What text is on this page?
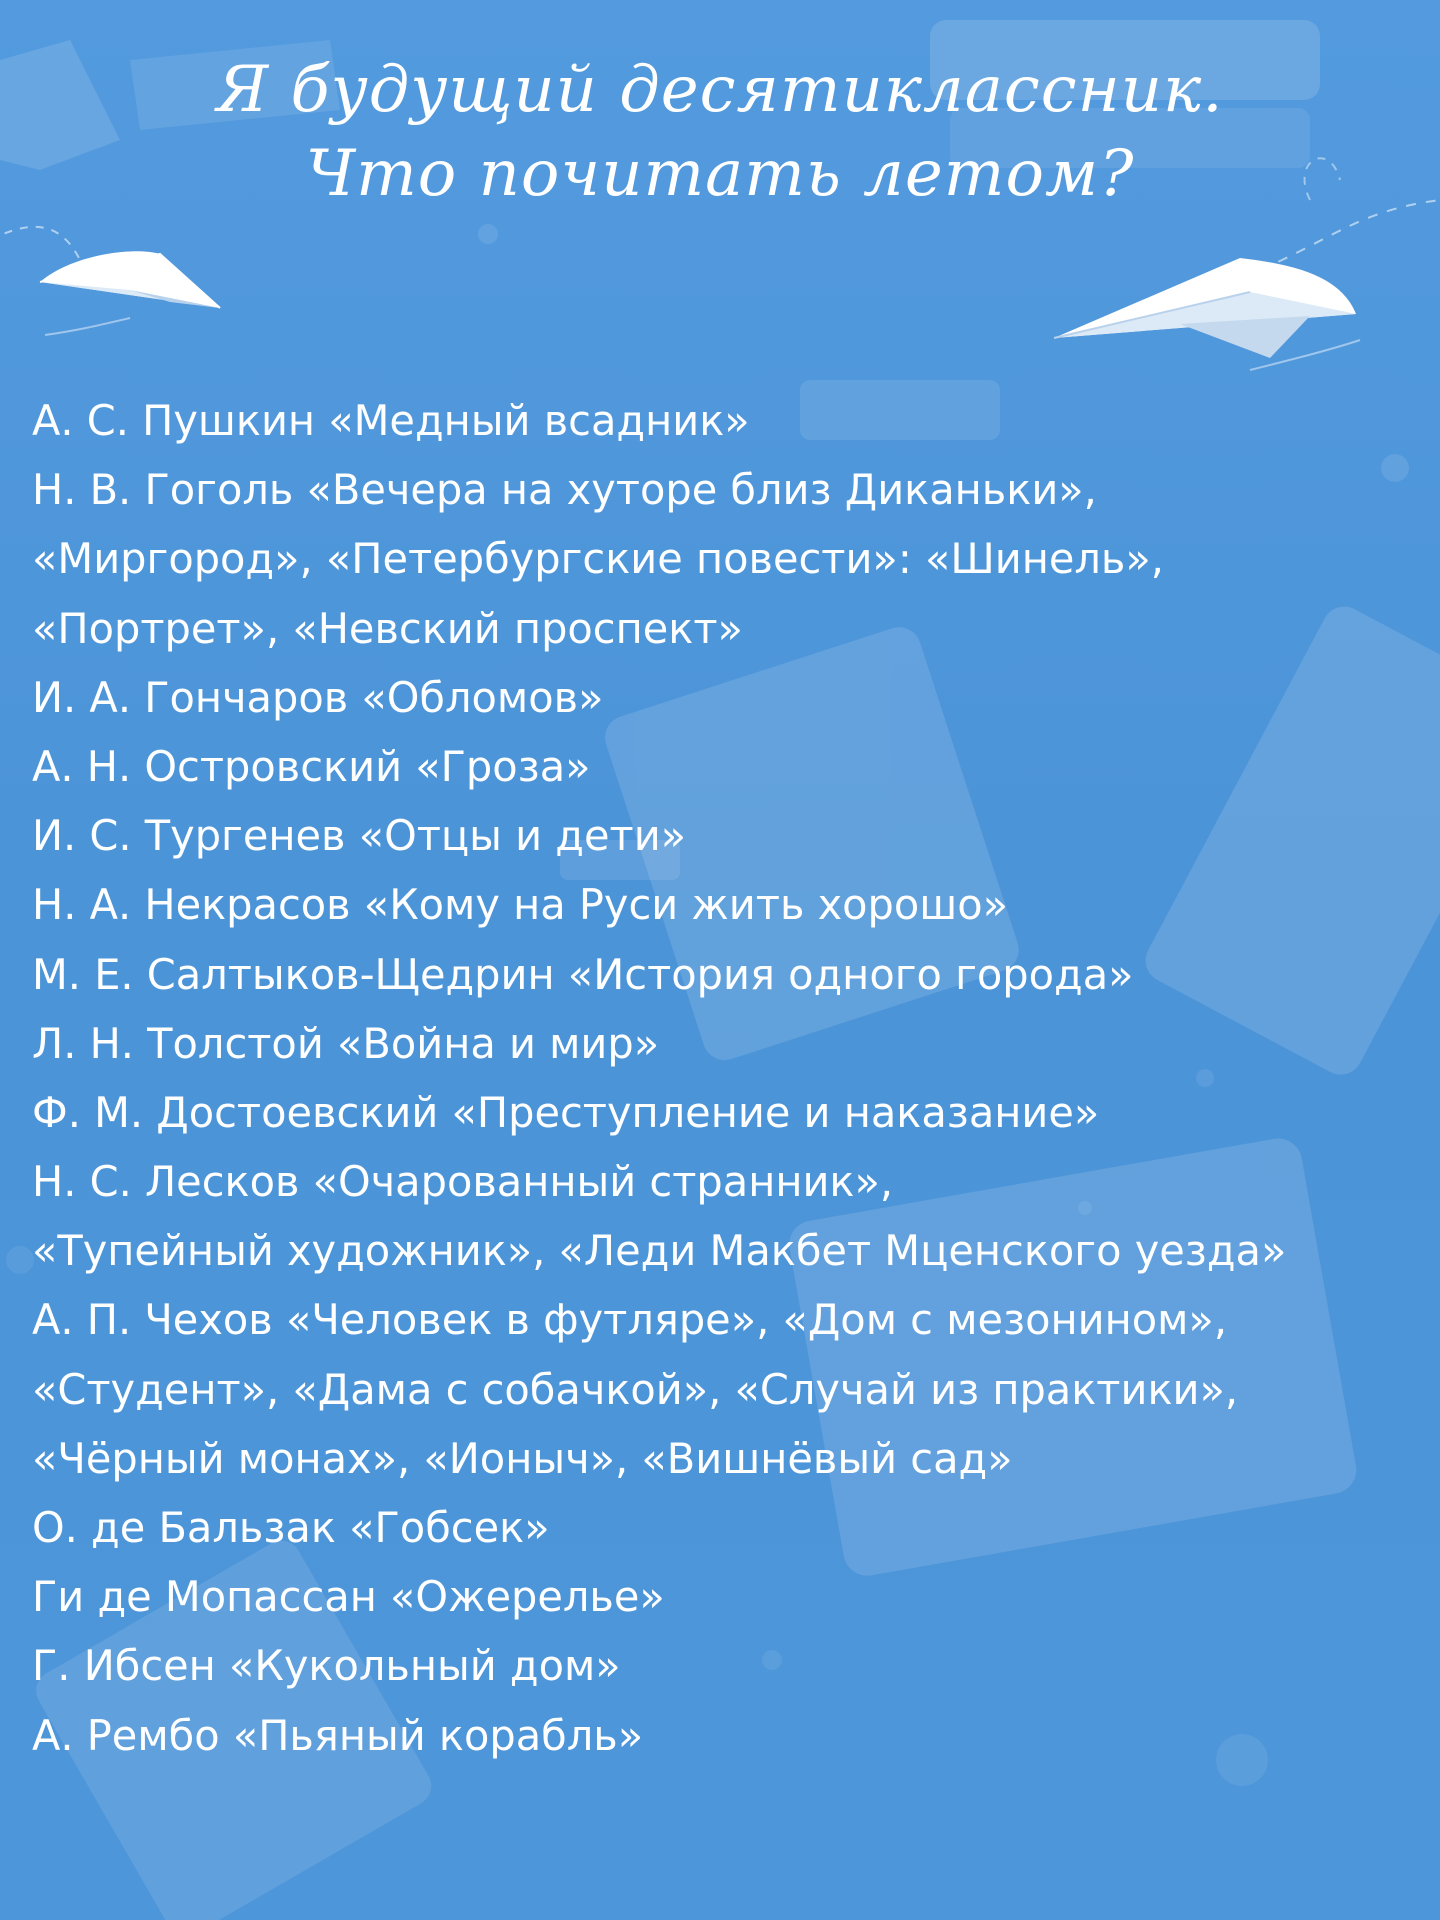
Я будущий десятиклассник.
Что почитать летом?
А. С. Пушкин «Медный всадник»
Н. В. Гоголь «Вечера на хуторе близ Диканьки»,
«Миргород», «Петербургские повести»: «Шинель»,
«Портрет», «Невский проспект»
И. А. Гончаров «Обломов»
А. Н. Островский «Гроза»
И. С. Тургенев «Отцы и дети»
Н. А. Некрасов «Кому на Руси жить хорошо»
М. Е. Салтыков-Щедрин «История одного города»
Л. Н. Толстой «Война и мир»
Ф. М. Достоевский «Преступление и наказание»
Н. С. Лесков «Очарованный странник»,
«Тупейный художник», «Леди Макбет Мценского уезда»
А. П. Чехов «Человек в футляре», «Дом с мезонином»,
«Студент», «Дама с собачкой», «Случай из практики»,
«Чёрный монах», «Ионыч», «Вишнёвый сад»
О. де Бальзак «Гобсек»
Ги де Мопассан «Ожерелье»
Г. Ибсен «Кукольный дом»
А. Рембо «Пьяный корабль»
